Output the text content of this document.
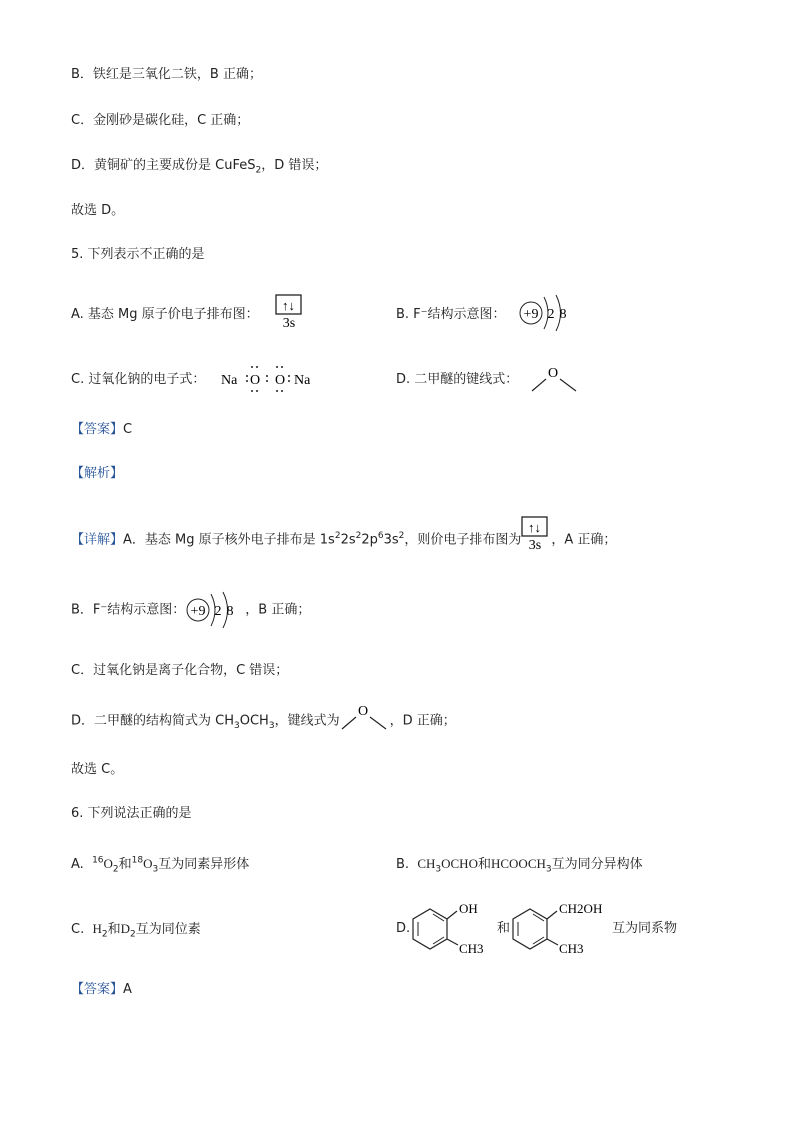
B．铁红是三氧化二铁，B 正确；
C．金刚砂是碳化硅，C 正确；
D．黄铜矿的主要成份是 CuFeS$_2$，D 错误；
故选 D。
5. 下列表示不正确的是
A. 基态 Mg 原子价电子排布图：
↑↓
3s
B. F⁻结构示意图： +9 2 8
C. 过氧化钠的电子式： Na O O Na	D. 二甲醚的键线式： O
【答案】C
【解析】
【详解】A．基态 Mg 原子核外电子排布是 $1s^22s^22p^63s^2$，则价电子排布图为
↑↓
3s ，A 正确；
B．F⁻结构示意图： +9 2 8 ，B 正确；
C．过氧化钠是离子化合物，C 错误；
D．二甲醚的结构简式为 $CH_3OCH_3$，键线式为
O
，D 正确；
故选 C。
6. 下列说法正确的是
A. $^{16}O_2$和$^{18}O_3$互为同素异形体	B. $CH_3OCHO$和$HCOOCH_3$互为同分异构体
C. $H_2$和$D_2$互为同位素	D.
OH
CH3
和
CH2OH
CH3
互为同系物
【答案】A
